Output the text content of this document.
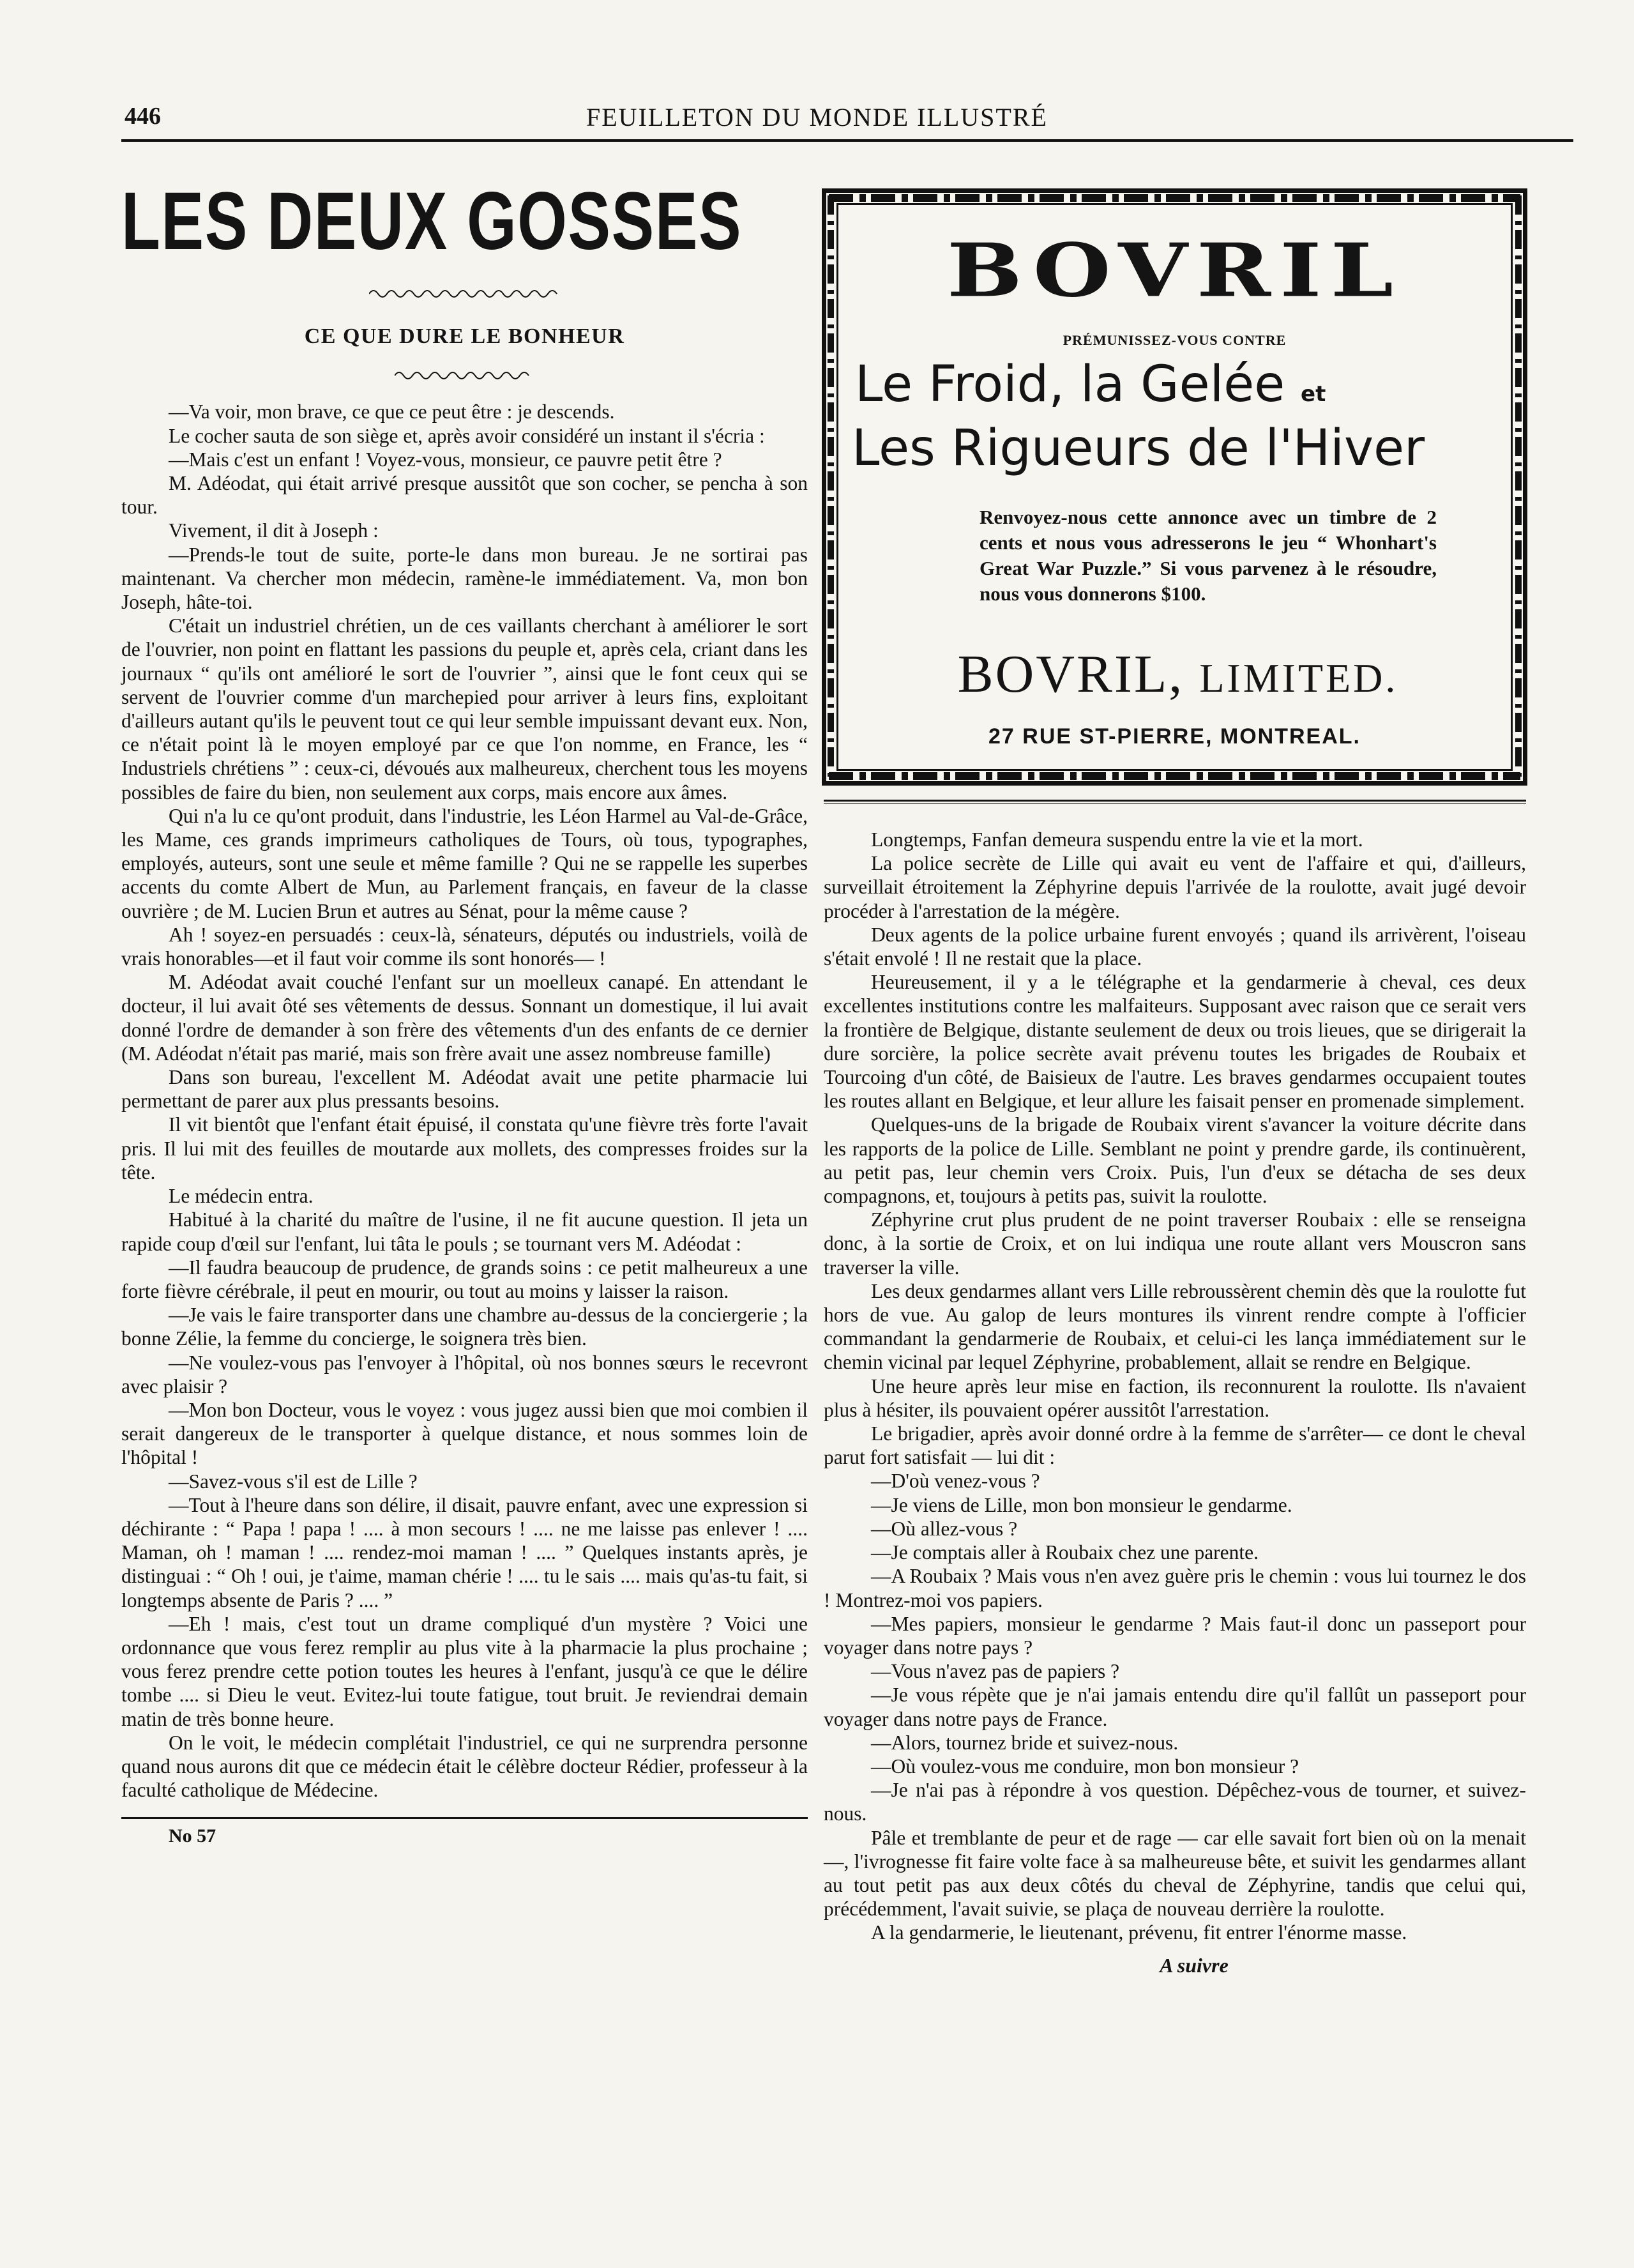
446	FEUILLETON DU MONDE ILLUSTRÉ
LES DEUX GOSSES
CE QUE DURE LE BONHEUR

—Va voir, mon brave, ce que ce peut être : je descends.

Le cocher sauta de son siège et, après avoir considéré un instant il s'écria :

—Mais c'est un enfant ! Voyez-vous, monsieur, ce pauvre petit être ?

M. Adéodat, qui était arrivé presque aussitôt que son cocher, se pencha à son tour.

Vivement, il dit à Joseph :

—Prends-le tout de suite, porte-le dans mon bureau. Je ne sortirai pas maintenant. Va chercher mon médecin, ramène-le immédiatement. Va, mon bon Joseph, hâte-toi.

C'était un industriel chrétien, un de ces vaillants cherchant à améliorer le sort de l'ouvrier, non point en flattant les passions du peuple et, après cela, criant dans les journaux “ qu'ils ont amélioré le sort de l'ouvrier ”, ainsi que le font ceux qui se servent de l'ouvrier comme d'un marchepied pour arriver à leurs fins, exploitant d'ailleurs autant qu'ils le peuvent tout ce qui leur semble impuissant devant eux. Non, ce n'était point là le moyen employé par ce que l'on nomme, en France, les “ Industriels chrétiens ” : ceux-ci, dévoués aux malheureux, cherchent tous les moyens possibles de faire du bien, non seulement aux corps, mais encore aux âmes.

Qui n'a lu ce qu'ont produit, dans l'industrie, les Léon Harmel au Val-de-Grâce, les Mame, ces grands imprimeurs catholiques de Tours, où tous, typographes, employés, auteurs, sont une seule et même famille ? Qui ne se rappelle les superbes accents du comte Albert de Mun, au Parlement français, en faveur de la classe ouvrière ; de M. Lucien Brun et autres au Sénat, pour la même cause ?

Ah ! soyez-en persuadés : ceux-là, sénateurs, députés ou industriels, voilà de vrais honorables—et il faut voir comme ils sont honorés— !

M. Adéodat avait couché l'enfant sur un moelleux canapé. En attendant le docteur, il lui avait ôté ses vêtements de dessus. Sonnant un domestique, il lui avait donné l'ordre de demander à son frère des vêtements d'un des enfants de ce dernier (M. Adéodat n'était pas marié, mais son frère avait une assez nombreuse famille)

Dans son bureau, l'excellent M. Adéodat avait une petite pharmacie lui permettant de parer aux plus pressants besoins.

Il vit bientôt que l'enfant était épuisé, il constata qu'une fièvre très forte l'avait pris. Il lui mit des feuilles de moutarde aux mollets, des compresses froides sur la tête.

Le médecin entra.

Habitué à la charité du maître de l'usine, il ne fit aucune question. Il jeta un rapide coup d'œil sur l'enfant, lui tâta le pouls ; se tournant vers M. Adéodat :

—Il faudra beaucoup de prudence, de grands soins : ce petit malheureux a une forte fièvre cérébrale, il peut en mourir, ou tout au moins y laisser la raison.

—Je vais le faire transporter dans une chambre au-dessus de la conciergerie ; la bonne Zélie, la femme du concierge, le soignera très bien.

—Ne voulez-vous pas l'envoyer à l'hôpital, où nos bonnes sœurs le recevront avec plaisir ?

—Mon bon Docteur, vous le voyez : vous jugez aussi bien que moi combien il serait dangereux de le transporter à quelque distance, et nous sommes loin de l'hôpital !

—Savez-vous s'il est de Lille ?

—Tout à l'heure dans son délire, il disait, pauvre enfant, avec une expression si déchirante : “ Papa ! papa ! .... à mon secours ! .... ne me laisse pas enlever ! .... Maman, oh ! maman ! .... rendez-moi maman ! .... ” Quelques instants après, je distinguai : “ Oh ! oui, je t'aime, maman chérie ! .... tu le sais .... mais qu'as-tu fait, si longtemps absente de Paris ? .... ”

—Eh ! mais, c'est tout un drame compliqué d'un mystère ? Voici une ordonnance que vous ferez remplir au plus vite à la pharmacie la plus prochaine ; vous ferez prendre cette potion toutes les heures à l'enfant, jusqu'à ce que le délire tombe .... si Dieu le veut. Evitez-lui toute fatigue, tout bruit. Je reviendrai demain matin de très bonne heure.

On le voit, le médecin complétait l'industriel, ce qui ne surprendra personne quand nous aurons dit que ce médecin était le célèbre docteur Rédier, professeur à la faculté catholique de Médecine.

No 57
BOVRIL
PRÉMUNISSEZ-VOUS CONTRE
Le Froid, la Gelée et
Les Rigueurs de l'Hiver
Renvoyez-nous cette annonce avec un timbre de 2 cents et nous vous adresserons le jeu “ Whonhart's Great War Puzzle.” Si vous parvenez à le résoudre, nous vous donnerons $100.
BOVRIL, LIMITED.
27 RUE ST-PIERRE, MONTREAL.

Longtemps, Fanfan demeura suspendu entre la vie et la mort.

La police secrète de Lille qui avait eu vent de l'affaire et qui, d'ailleurs, surveillait étroitement la Zéphyrine depuis l'arrivée de la roulotte, avait jugé devoir procéder à l'arrestation de la mégère.

Deux agents de la police urbaine furent envoyés ; quand ils arrivèrent, l'oiseau s'était envolé ! Il ne restait que la place.

Heureusement, il y a le télégraphe et la gendarmerie à cheval, ces deux excellentes institutions contre les malfaiteurs. Supposant avec raison que ce serait vers la frontière de Belgique, distante seulement de deux ou trois lieues, que se dirigerait la dure sorcière, la police secrète avait prévenu toutes les brigades de Roubaix et Tourcoing d'un côté, de Baisieux de l'autre. Les braves gendarmes occupaient toutes les routes allant en Belgique, et leur allure les faisait penser en promenade simplement.

Quelques-uns de la brigade de Roubaix virent s'avancer la voiture décrite dans les rapports de la police de Lille. Semblant ne point y prendre garde, ils continuèrent, au petit pas, leur chemin vers Croix. Puis, l'un d'eux se détacha de ses deux compagnons, et, toujours à petits pas, suivit la roulotte.

Zéphyrine crut plus prudent de ne point traverser Roubaix : elle se renseigna donc, à la sortie de Croix, et on lui indiqua une route allant vers Mouscron sans traverser la ville.

Les deux gendarmes allant vers Lille rebroussèrent chemin dès que la roulotte fut hors de vue. Au galop de leurs montures ils vinrent rendre compte à l'officier commandant la gendarmerie de Roubaix, et celui-ci les lança immédiatement sur le chemin vicinal par lequel Zéphyrine, probablement, allait se rendre en Belgique.

Une heure après leur mise en faction, ils reconnurent la roulotte. Ils n'avaient plus à hésiter, ils pouvaient opérer aussitôt l'arrestation.

Le brigadier, après avoir donné ordre à la femme de s'arrêter— ce dont le cheval parut fort satisfait — lui dit :

—D'où venez-vous ?

—Je viens de Lille, mon bon monsieur le gendarme.

—Où allez-vous ?

—Je comptais aller à Roubaix chez une parente.

—A Roubaix ? Mais vous n'en avez guère pris le chemin : vous lui tournez le dos ! Montrez-moi vos papiers.

—Mes papiers, monsieur le gendarme ? Mais faut-il donc un passeport pour voyager dans notre pays ?

—Vous n'avez pas de papiers ?

—Je vous répète que je n'ai jamais entendu dire qu'il fallût un passeport pour voyager dans notre pays de France.

—Alors, tournez bride et suivez-nous.

—Où voulez-vous me conduire, mon bon monsieur ?

—Je n'ai pas à répondre à vos question. Dépêchez-vous de tourner, et suivez-nous.

Pâle et tremblante de peur et de rage — car elle savait fort bien où on la menait —, l'ivrognesse fit faire volte face à sa malheureuse bête, et suivit les gendarmes allant au tout petit pas aux deux côtés du cheval de Zéphyrine, tandis que celui qui, précédemment, l'avait suivie, se plaça de nouveau derrière la roulotte.

A la gendarmerie, le lieutenant, prévenu, fit entrer l'énorme masse.

A suivre
